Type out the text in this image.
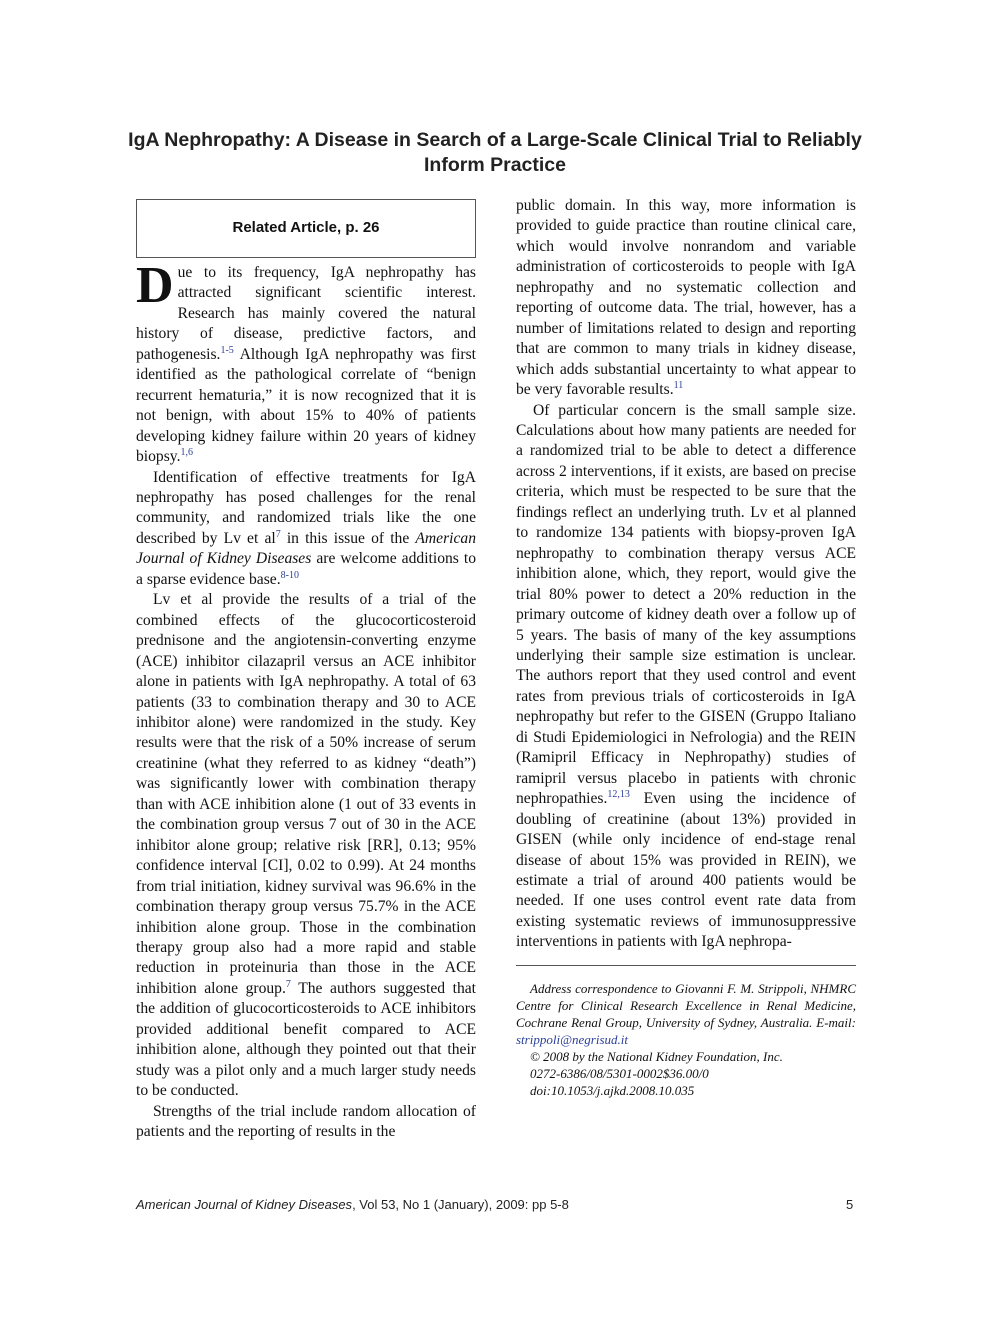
IgA Nephropathy: A Disease in Search of a Large-Scale Clinical Trial to Reliably Inform Practice
Related Article, p. 26

Due to its frequency, IgA nephropathy has attracted significant scientific interest. Research has mainly covered the natural history of disease, predictive factors, and pathogenesis.$^{1-5}$ Although IgA nephropathy was first identified as the pathological correlate of “benign recurrent hematuria,” it is now recognized that it is not benign, with about 15% to 40% of patients developing kidney failure within 20 years of kidney biopsy.$^{1,6}$

Identification of effective treatments for IgA nephropathy has posed challenges for the renal community, and randomized trials like the one described by Lv et $al^7$ in this issue of the American Journal of Kidney Diseases are welcome additions to a sparse evidence base.$^{8-10}$

Lv et al provide the results of a trial of the combined effects of the glucocorticosteroid prednisone and the angiotensin-converting enzyme (ACE) inhibitor cilazapril versus an ACE inhibitor alone in patients with IgA nephropathy. A total of 63 patients (33 to combination therapy and 30 to ACE inhibitor alone) were randomized in the study. Key results were that the risk of a 50% increase of serum creatinine (what they referred to as kidney “death”) was significantly lower with combination therapy than with ACE inhibition alone (1 out of 33 events in the combination group versus 7 out of 30 in the ACE inhibitor alone group; relative risk [RR], 0.13; 95% confidence interval [CI], 0.02 to 0.99). At 24 months from trial initiation, kidney survival was 96.6% in the combination therapy group versus 75.7% in the ACE inhibition alone group. Those in the combination therapy group also had a more rapid and stable reduction in proteinuria than those in the ACE inhibition alone group.$^7$ The authors suggested that the addition of glucocorticosteroids to ACE inhibitors provided additional benefit compared to ACE inhibition alone, although they pointed out that their study was a pilot only and a much larger study needs to be conducted.

Strengths of the trial include random allocation of patients and the reporting of results in the

public domain. In this way, more information is provided to guide practice than routine clinical care, which would involve nonrandom and variable administration of corticosteroids to people with IgA nephropathy and no systematic collection and reporting of outcome data. The trial, however, has a number of limitations related to design and reporting that are common to many trials in kidney disease, which adds substantial uncertainty to what appear to be very favorable results.$^{11}$

Of particular concern is the small sample size. Calculations about how many patients are needed for a randomized trial to be able to detect a difference across 2 interventions, if it exists, are based on precise criteria, which must be respected to be sure that the findings reflect an underlying truth. Lv et al planned to randomize 134 patients with biopsy-proven IgA nephropathy to combination therapy versus ACE inhibition alone, which, they report, would give the trial 80% power to detect a 20% reduction in the primary outcome of kidney death over a follow up of 5 years. The basis of many of the key assumptions underlying their sample size estimation is unclear. The authors report that they used control and event rates from previous trials of corticosteroids in IgA nephropathy but refer to the GISEN (Gruppo Italiano di Studi Epidemiologici in Nefrologia) and the REIN (Ramipril Efficacy in Nephropathy) studies of ramipril versus placebo in patients with chronic nephropathies.$^{12,13}$ Even using the incidence of doubling of creatinine (about 13%) provided in GISEN (while only incidence of end-stage renal disease of about 15% was provided in REIN), we estimate a trial of around 400 patients would be needed. If one uses control event rate data from existing systematic reviews of immunosuppressive interventions in patients with IgA nephropa-

Address correspondence to Giovanni F. M. Strippoli, NHMRC Centre for Clinical Research Excellence in Renal Medicine, Cochrane Renal Group, University of Sydney, Australia. E-mail: strippoli@negrisud.it

© 2008 by the National Kidney Foundation, Inc.

0272-6386/08/5301-0002$36.00/0

doi:10.1053/j.ajkd.2008.10.035

American Journal of Kidney Diseases, Vol 53, No 1 (January), 2009: pp 5-8	5
